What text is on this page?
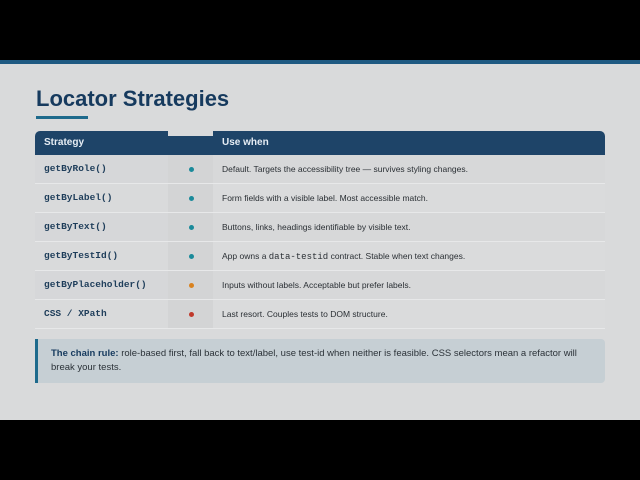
Locator Strategies
Strategy	Use when
getByRole()	Default. Targets the accessibility tree — survives styling changes.
getByLabel()	Form fields with a visible label. Most accessible match.
getByText()	Buttons, links, headings identifiable by visible text.
getByTestId()	App owns a data-testid contract. Stable when text changes.
getByPlaceholder()	Inputs without labels. Acceptable but prefer labels.
CSS / XPath	Last resort. Couples tests to DOM structure.
The chain rule: role-based first, fall back to text/label, use test-id when neither is feasible. CSS selectors mean a refactor will break your tests.
